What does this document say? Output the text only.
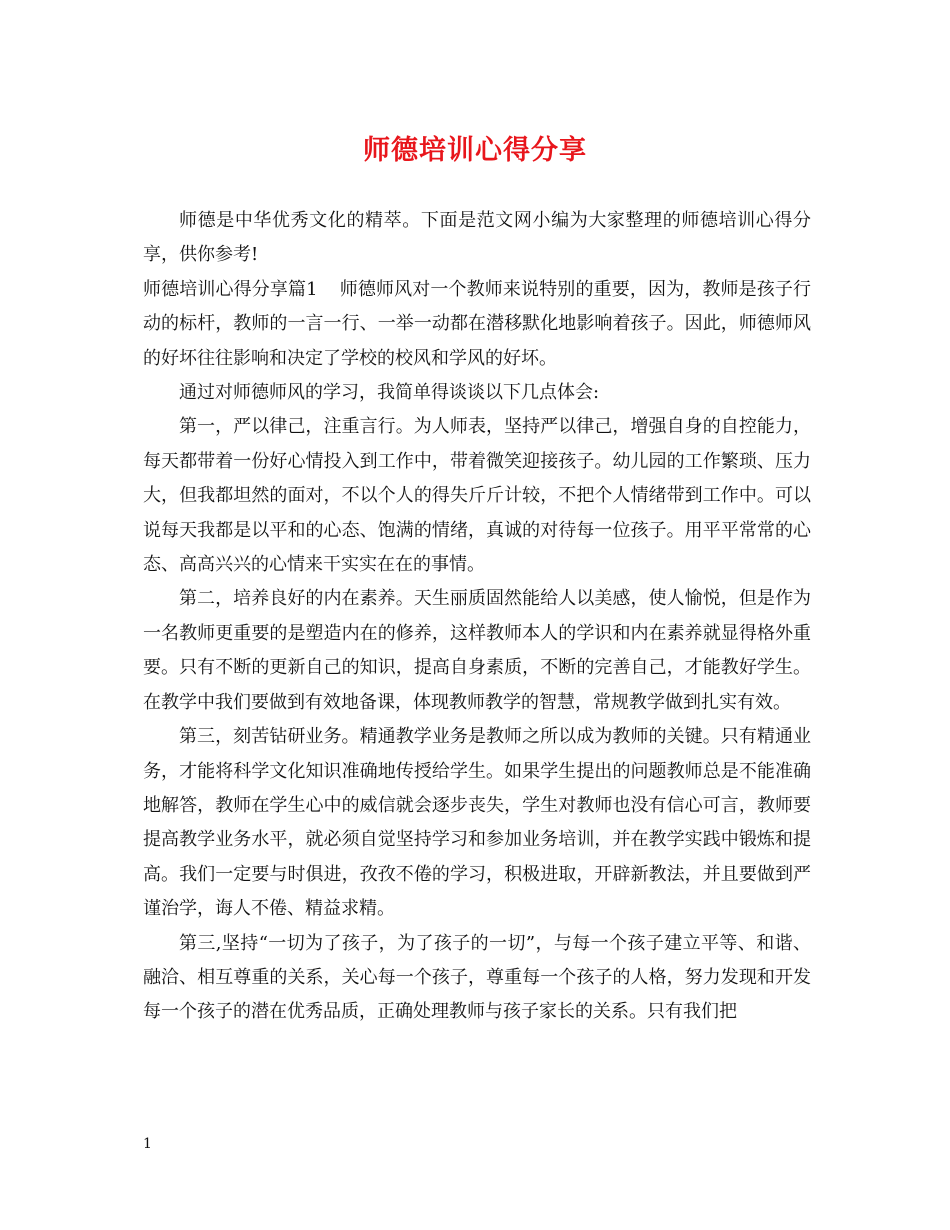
师德培训心得分享

师德是中华优秀文化的精萃。下面是范文网小编为大家整理的师德培训心得分享，供你参考!

师德培训心得分享篇1 师德师风对一个教师来说特别的重要，因为，教师是孩子行动的标杆，教师的一言一行、一举一动都在潜移默化地影响着孩子。因此，师德师风的好坏往往影响和决定了学校的校风和学风的好坏。

通过对师德师风的学习，我简单得谈谈以下几点体会:

第一，严以律己，注重言行。为人师表，坚持严以律己，增强自身的自控能力，每天都带着一份好心情投入到工作中，带着微笑迎接孩子。幼儿园的工作繁琐、压力大，但我都坦然的面对，不以个人的得失斤斤计较，不把个人情绪带到工作中。可以说每天我都是以平和的心态、饱满的情绪，真诚的对待每一位孩子。用平平常常的心态、高高兴兴的心情来干实实在在的事情。

第二，培养良好的内在素养。天生丽质固然能给人以美感，使人愉悦，但是作为一名教师更重要的是塑造内在的修养，这样教师本人的学识和内在素养就显得格外重要。只有不断的更新自己的知识，提高自身素质，不断的完善自己，才能教好学生。在教学中我们要做到有效地备课，体现教师教学的智慧，常规教学做到扎实有效。

第三，刻苦钻研业务。精通教学业务是教师之所以成为教师的关键。只有精通业务，才能将科学文化知识准确地传授给学生。如果学生提出的问题教师总是不能准确地解答，教师在学生心中的威信就会逐步丧失，学生对教师也没有信心可言，教师要提高教学业务水平，就必须自觉坚持学习和参加业务培训，并在教学实践中锻炼和提高。我们一定要与时俱进，孜孜不倦的学习，积极进取，开辟新教法，并且要做到严谨治学，诲人不倦、精益求精。

第三,坚持“一切为了孩子，为了孩子的一切”，与每一个孩子建立平等、和谐、融洽、相互尊重的关系，关心每一个孩子，尊重每一个孩子的人格，努力发现和开发每一个孩子的潜在优秀品质，正确处理教师与孩子家长的关系。只有我们把

1
